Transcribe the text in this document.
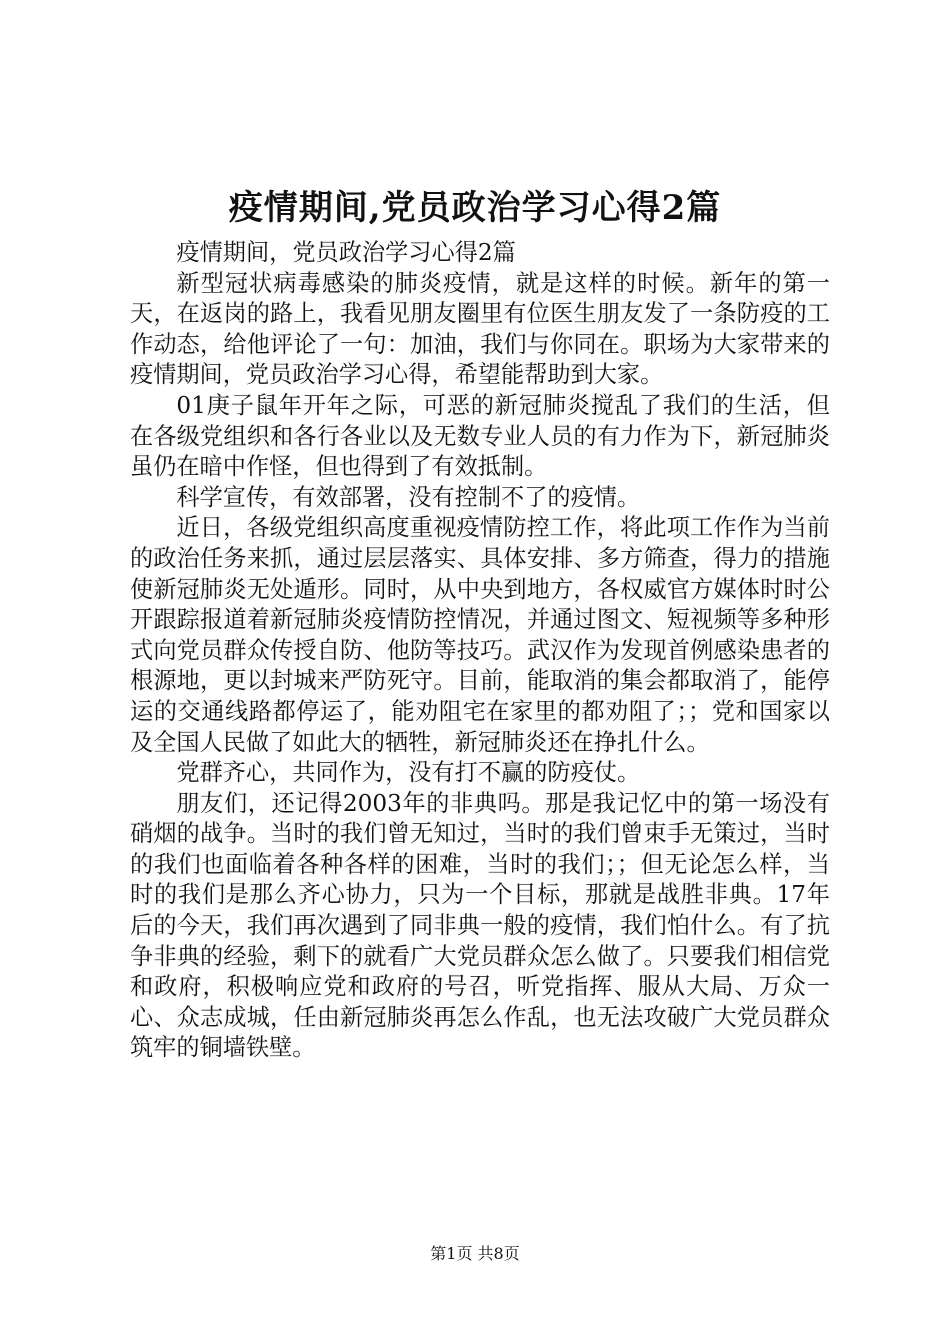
疫情期间,党员政治学习心得2篇

疫情期间，党员政治学习心得2篇

新型冠状病毒感染的肺炎疫情，就是这样的时候。新年的第一天，在返岗的路上，我看见朋友圈里有位医生朋友发了一条防疫的工作动态，给他评论了一句：加油，我们与你同在。职场为大家带来的疫情期间，党员政治学习心得，希望能帮助到大家。

01庚子鼠年开年之际，可恶的新冠肺炎搅乱了我们的生活，但在各级党组织和各行各业以及无数专业人员的有力作为下，新冠肺炎虽仍在暗中作怪，但也得到了有效抵制。

科学宣传，有效部署，没有控制不了的疫情。

近日，各级党组织高度重视疫情防控工作，将此项工作作为当前的政治任务来抓，通过层层落实、具体安排、多方筛查，得力的措施使新冠肺炎无处遁形。同时，从中央到地方，各权威官方媒体时时公开跟踪报道着新冠肺炎疫情防控情况，并通过图文、短视频等多种形式向党员群众传授自防、他防等技巧。武汉作为发现首例感染患者的根源地，更以封城来严防死守。目前，能取消的集会都取消了，能停运的交通线路都停运了，能劝阻宅在家里的都劝阻了；；党和国家以及全国人民做了如此大的牺牲，新冠肺炎还在挣扎什么。

党群齐心，共同作为，没有打不赢的防疫仗。

朋友们，还记得2003年的非典吗。那是我记忆中的第一场没有硝烟的战争。当时的我们曾无知过，当时的我们曾束手无策过，当时的我们也面临着各种各样的困难，当时的我们；；但无论怎么样，当时的我们是那么齐心协力，只为一个目标，那就是战胜非典。17年后的今天，我们再次遇到了同非典一般的疫情，我们怕什么。有了抗争非典的经验，剩下的就看广大党员群众怎么做了。只要我们相信党和政府，积极响应党和政府的号召，听党指挥、服从大局、万众一心、众志成城，任由新冠肺炎再怎么作乱，也无法攻破广大党员群众筑牢的铜墙铁壁。

第1页 共8页
